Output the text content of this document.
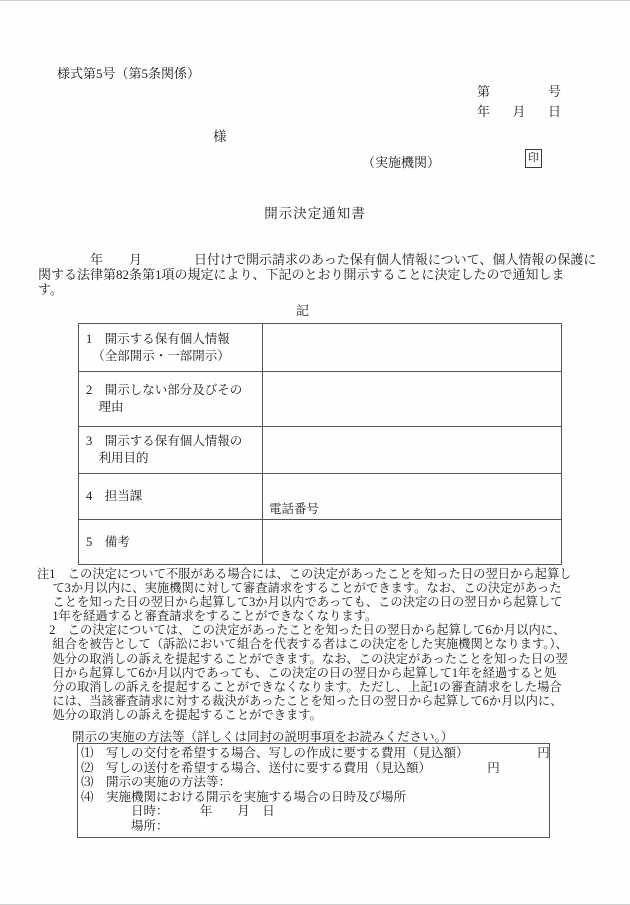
様式第5号（第5条関係）
第	号
年 月 日
様
（実施機関）	印
開示決定通知書
　　　　年　　月　　　　日付けで開示請求のあった保有個人情報について、個人情報の保護に
関する法律第82条第1項の規定により、下記のとおり開示することに決定したので通知しま
す。
記
1　開示する保有個人情報
　（全部開示・一部開示）	

2　開示しない部分及びその
　理由	

3　開示する保有個人情報の
　利用目的	

4　担当課	電話番号

5　備考	

注1　この決定について不服がある場合には、この決定があったことを知った日の翌日から起算し
　 て3か月以内に、実施機関に対して審査請求をすることができます。なお、この決定があった
　 ことを知った日の翌日から起算して3か月以内であっても、この決定の日の翌日から起算して
　 1年を経過すると審査請求をすることができなくなります。
　2　この決定については、この決定があったことを知った日の翌日から起算して6か月以内に、
　 組合を被告として（訴訟において組合を代表する者はこの決定をした実施機関となります。）、
　 処分の取消しの訴えを提起することができます。なお、この決定があったことを知った日の翌
　 日から起算して6か月以内であっても、この決定の日の翌日から起算して1年を経過すると処
　 分の取消しの訴えを提起することができなくなります。ただし、上記1の審査請求をした場合
　 には、当該審査請求に対する裁決があったことを知った日の翌日から起算して6か月以内に、
　 処分の取消しの訴えを提起することができます。
開示の実施の方法等（詳しくは同封の説明事項をお読みください。）
⑴　写しの交付を希望する場合、写しの作成に要する費用（見込額）　　　　　　円
⑵　写しの送付を希望する場合、送付に要する費用（見込額）　　　　　円
⑶　開示の実施の方法等：
⑷　実施機関における開示を実施する場合の日時及び場所
　　　　日時：　　　年　　月　日
　　　　場所：
